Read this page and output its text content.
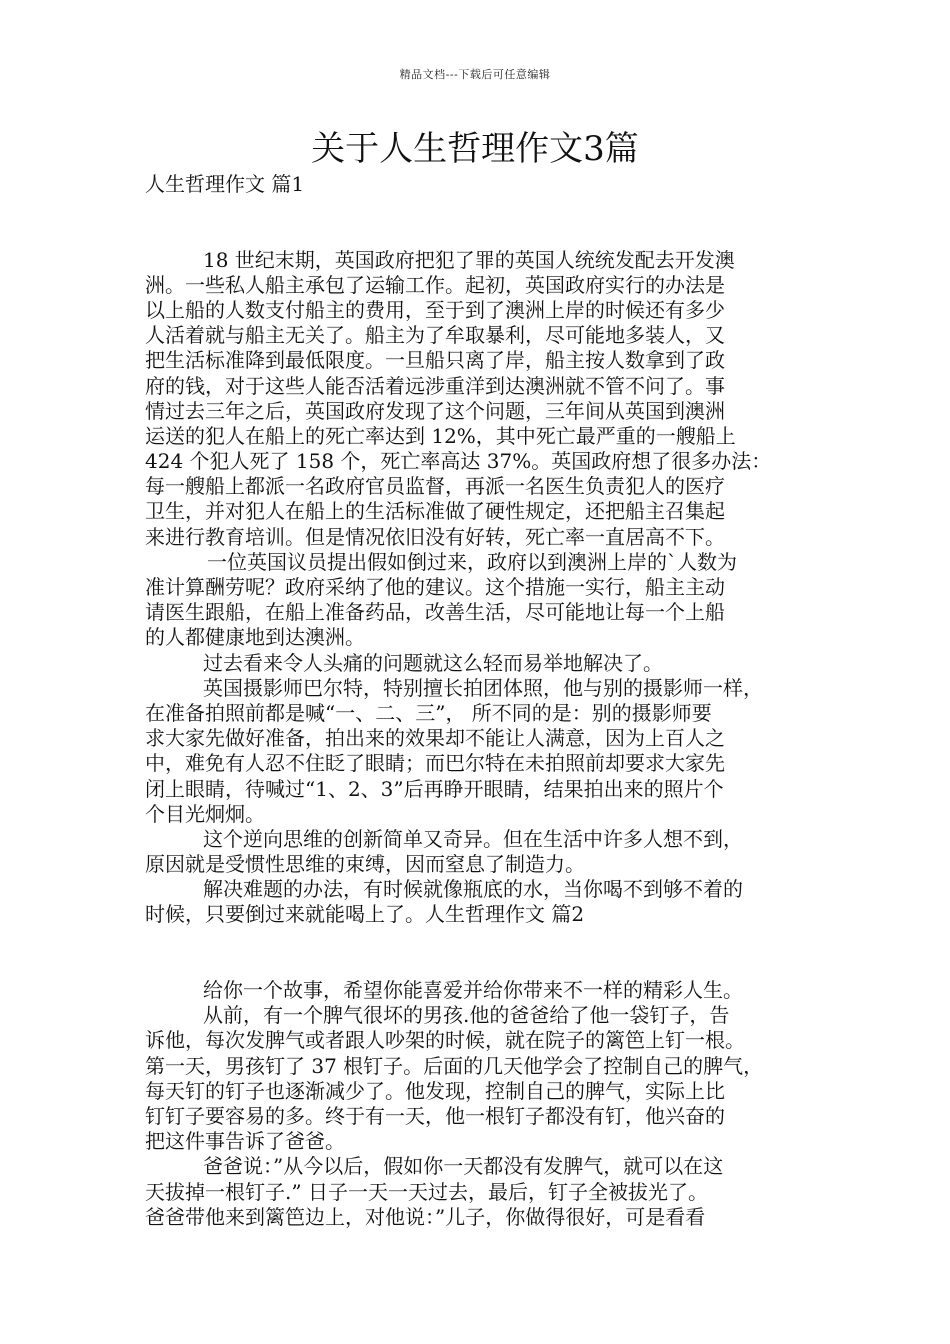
精品文档---下载后可任意编辑
关于人生哲理作文3篇

人生哲理作文 篇1

18 世纪末期，英国政府把犯了罪的英国人统统发配去开发澳
洲。一些私人船主承包了运输工作。起初，英国政府实行的办法是
以上船的人数支付船主的费用，至于到了澳洲上岸的时候还有多少
人活着就与船主无关了。船主为了牟取暴利，尽可能地多装人，又
把生活标准降到最低限度。一旦船只离了岸，船主按人数拿到了政
府的钱，对于这些人能否活着远涉重洋到达澳洲就不管不问了。事
情过去三年之后，英国政府发现了这个问题，三年间从英国到澳洲
运送的犯人在船上的死亡率达到 12%，其中死亡最严重的一艘船上
424 个犯人死了 158 个，死亡率高达 37%。英国政府想了很多办法：
每一艘船上都派一名政府官员监督，再派一名医生负责犯人的医疗
卫生，并对犯人在船上的生活标准做了硬性规定，还把船主召集起
来进行教育培训。但是情况依旧没有好转，死亡率一直居高不下。

一位英国议员提出假如倒过来，政府以到澳洲上岸的`人数为
准计算酬劳呢？政府采纳了他的建议。这个措施一实行，船主主动
请医生跟船，在船上准备药品，改善生活，尽可能地让每一个上船
的人都健康地到达澳洲。

过去看来令人头痛的问题就这么轻而易举地解决了。

英国摄影师巴尔特，特别擅长拍团体照，他与别的摄影师一样，
在准备拍照前都是喊“一、二、三”， 所不同的是：别的摄影师要
求大家先做好准备，拍出来的效果却不能让人满意，因为上百人之
中，难免有人忍不住眨了眼睛；而巴尔特在未拍照前却要求大家先
闭上眼睛，待喊过“1、2、3”后再睁开眼睛，结果拍出来的照片个
个目光炯炯。

这个逆向思维的创新简单又奇异。但在生活中许多人想不到，
原因就是受惯性思维的束缚，因而窒息了制造力。

解决难题的办法，有时候就像瓶底的水，当你喝不到够不着的
时候，只要倒过来就能喝上了。人生哲理作文 篇2

给你一个故事，希望你能喜爱并给你带来不一样的精彩人生。

从前，有一个脾气很坏的男孩.他的爸爸给了他一袋钉子，告
诉他，每次发脾气或者跟人吵架的时候，就在院子的篱笆上钉一根。
第一天，男孩钉了 37 根钉子。后面的几天他学会了控制自己的脾气，
每天钉的钉子也逐渐减少了。他发现，控制自己的脾气，实际上比
钉钉子要容易的多。终于有一天，他一根钉子都没有钉，他兴奋的
把这件事告诉了爸爸。

爸爸说：”从今以后，假如你一天都没有发脾气，就可以在这
天拔掉一根钉子.” 日子一天一天过去，最后，钉子全被拔光了。
爸爸带他来到篱笆边上，对他说：”儿子，你做得很好，可是看看
